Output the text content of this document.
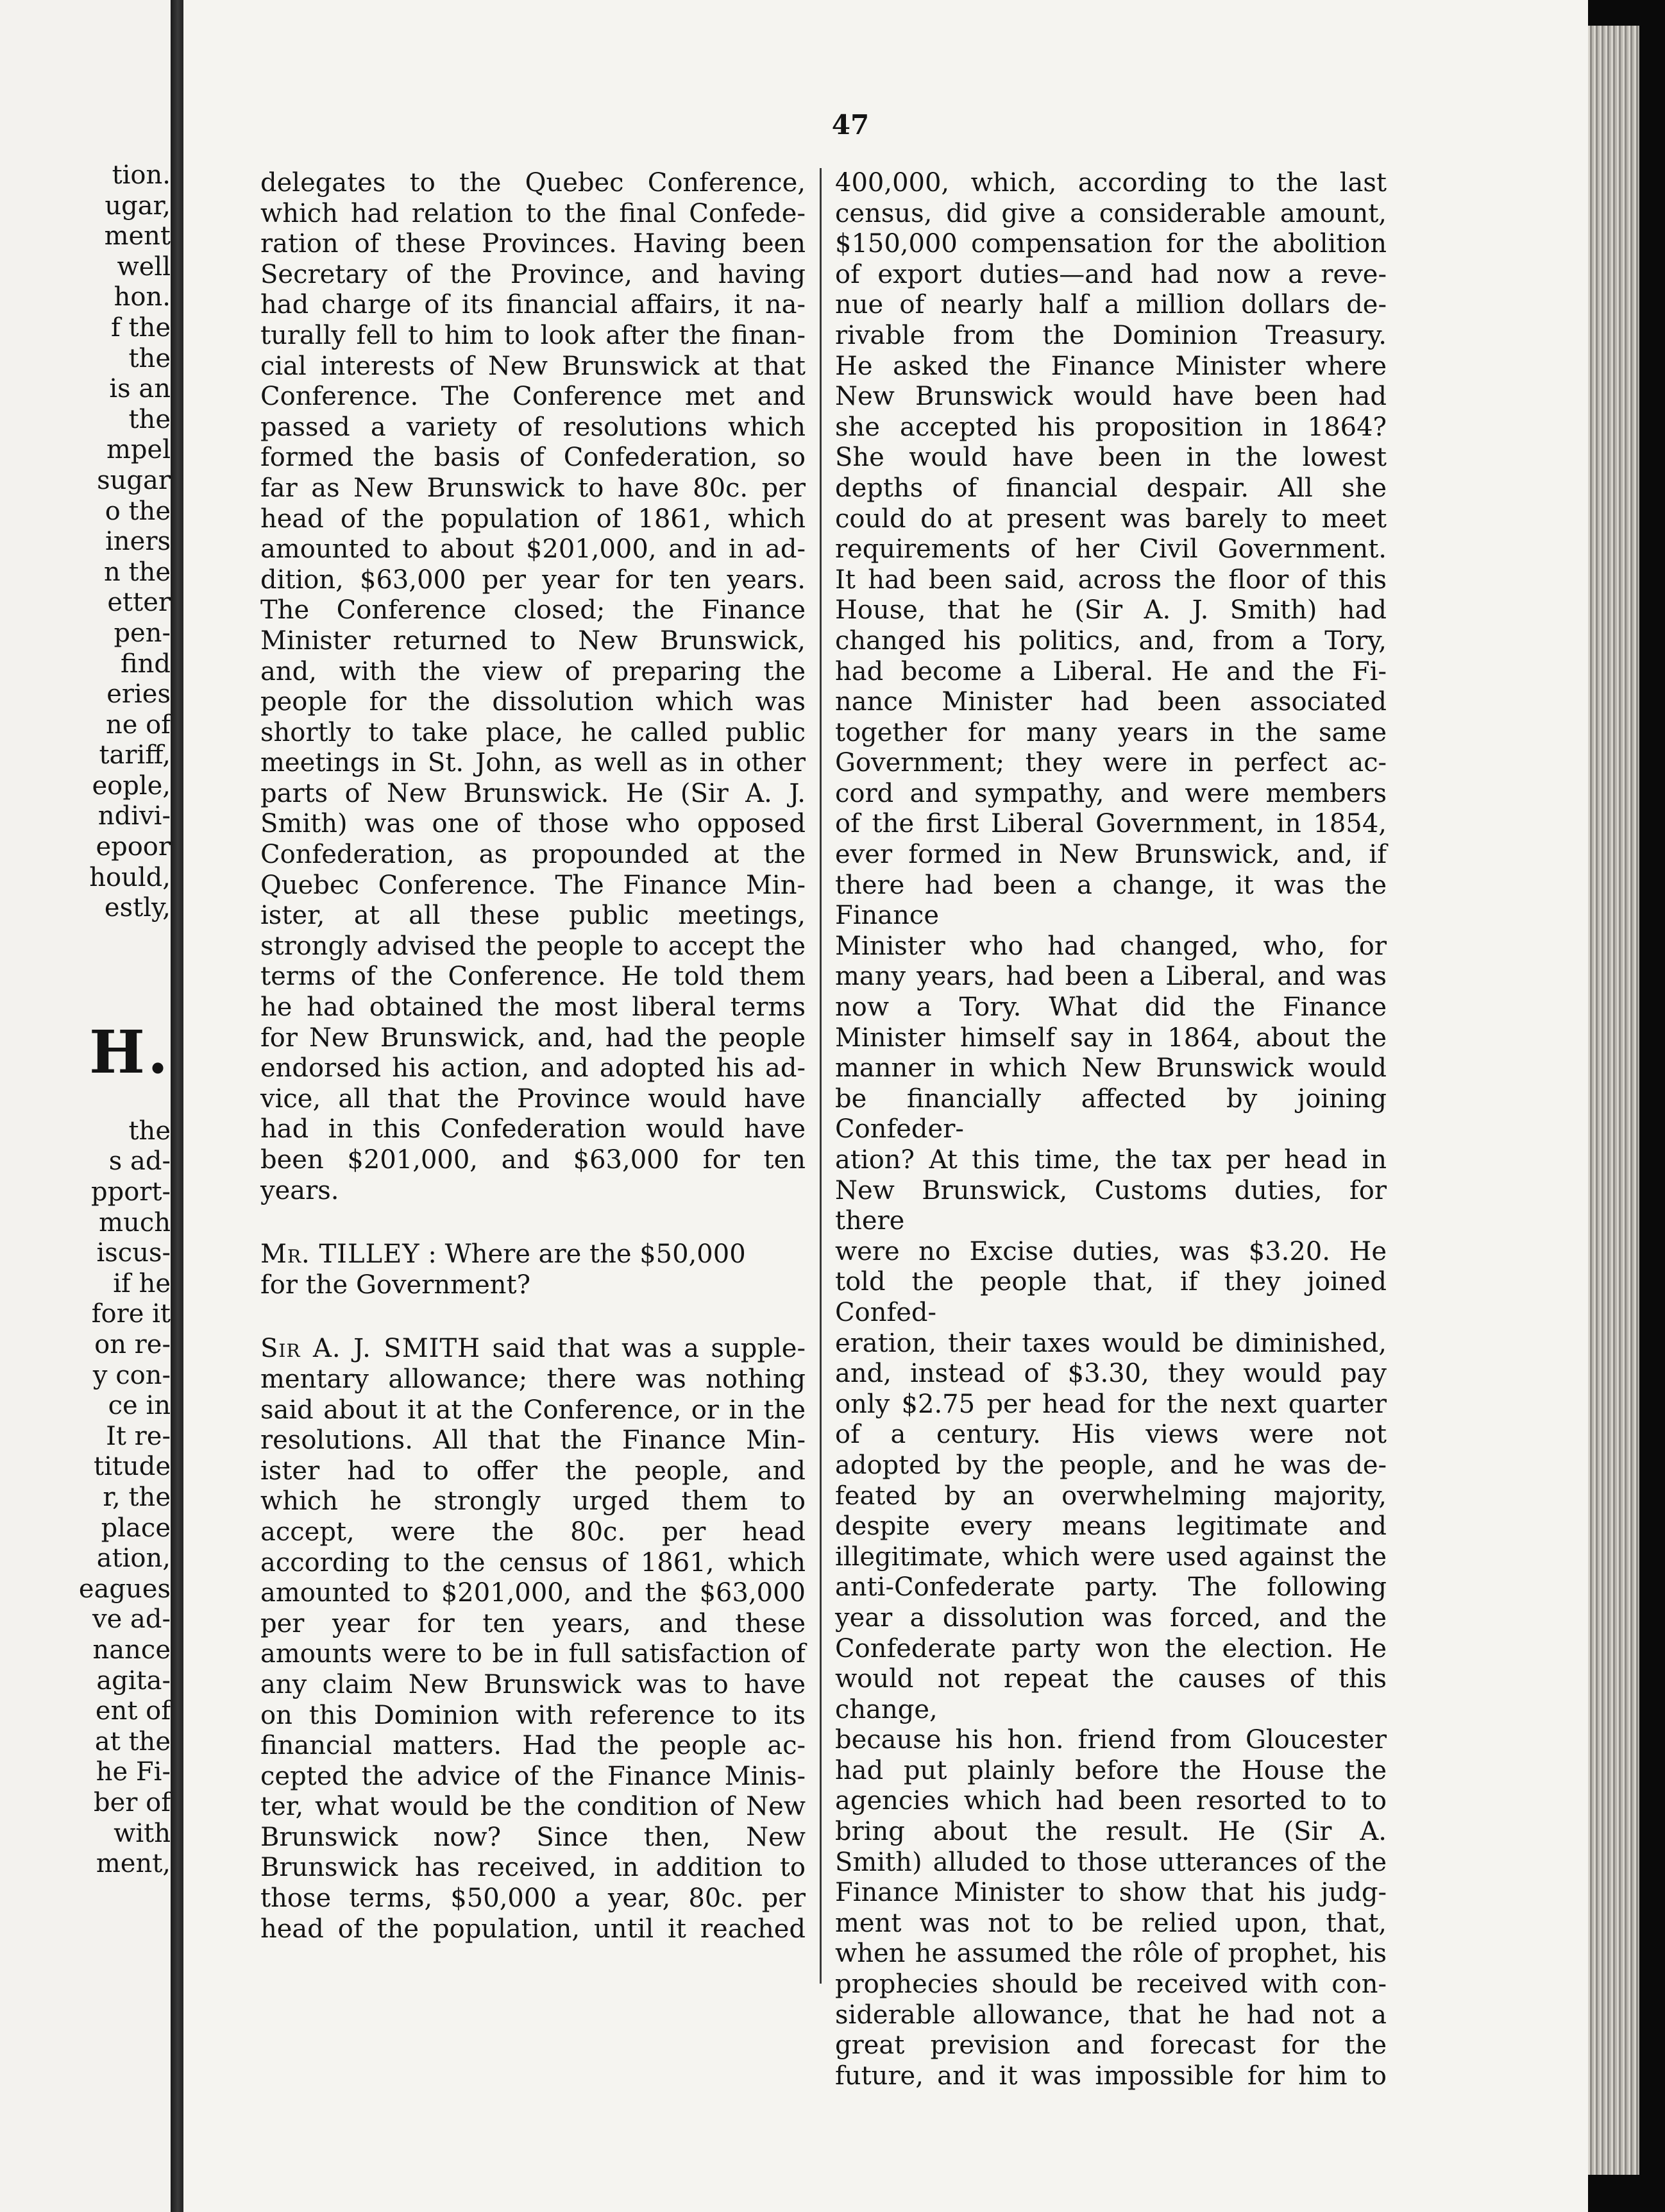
tion.
ugar,
ment
well
hon.
f the
the
is an
the
mpel
sugar
o the
iners
n the
etter
pen-
find
eries
ne of
tariff,
eople,
ndivi-
epoor
hould,
estly,
H.
the
s ad-
pport-
much
iscus-
if he
fore it
on re-
y con-
ce in
It re-
titude
r, the
place
ation,
eagues
ve ad-
nance
agita-
ent of
at the
he Fi-
ber of
with
ment,
47

delegates to the Quebec Conference,

which had relation to the final Confede-

ration of these Provinces. Having been

Secretary of the Province, and having

had charge of its financial affairs, it na-

turally fell to him to look after the finan-

cial interests of New Brunswick at that

Conference. The Conference met and

passed a variety of resolutions which

formed the basis of Confederation, so

far as New Brunswick to have 80c. per

head of the population of 1861, which

amounted to about $201,000, and in ad-

dition, $63,000 per year for ten years.

The Conference closed; the Finance

Minister returned to New Brunswick,

and, with the view of preparing the

people for the dissolution which was

shortly to take place, he called public

meetings in St. John, as well as in other

parts of New Brunswick. He (Sir A. J.

Smith) was one of those who opposed

Confederation, as propounded at the

Quebec Conference. The Finance Min-

ister, at all these public meetings,

strongly advised the people to accept the

terms of the Conference. He told them

he had obtained the most liberal terms

for New Brunswick, and, had the people

endorsed his action, and adopted his ad-

vice, all that the Province would have

had in this Confederation would have

been $201,000, and $63,000 for ten

years.

Mr. TILLEY : Where are the $50,000

for the Government?

Sir A. J. SMITH said that was a supple-

mentary allowance; there was nothing

said about it at the Conference, or in the

resolutions. All that the Finance Min-

ister had to offer the people, and

which he strongly urged them to

accept, were the 80c. per head

according to the census of 1861, which

amounted to $201,000, and the $63,000

per year for ten years, and these

amounts were to be in full satisfaction of

any claim New Brunswick was to have

on this Dominion with reference to its

financial matters. Had the people ac-

cepted the advice of the Finance Minis-

ter, what would be the condition of New

Brunswick now? Since then, New

Brunswick has received, in addition to

those terms, $50,000 a year, 80c. per

head of the population, until it reached

400,000, which, according to the last

census, did give a considerable amount,

$150,000 compensation for the abolition

of export duties—and had now a reve-

nue of nearly half a million dollars de-

rivable from the Dominion Treasury.

He asked the Finance Minister where

New Brunswick would have been had

she accepted his proposition in 1864?

She would have been in the lowest

depths of financial despair. All she

could do at present was barely to meet

requirements of her Civil Government.

It had been said, across the floor of this

House, that he (Sir A. J. Smith) had

changed his politics, and, from a Tory,

had become a Liberal. He and the Fi-

nance Minister had been associated

together for many years in the same

Government; they were in perfect ac-

cord and sympathy, and were members

of the first Liberal Government, in 1854,

ever formed in New Brunswick, and, if

there had been a change, it was the Finance

Minister who had changed, who, for

many years, had been a Liberal, and was

now a Tory. What did the Finance

Minister himself say in 1864, about the

manner in which New Brunswick would

be financially affected by joining Confeder-

ation? At this time, the tax per head in

New Brunswick, Customs duties, for there

were no Excise duties, was $3.20. He

told the people that, if they joined Confed-

eration, their taxes would be diminished,

and, instead of $3.30, they would pay

only $2.75 per head for the next quarter

of a century. His views were not

adopted by the people, and he was de-

feated by an overwhelming majority,

despite every means legitimate and

illegitimate, which were used against the

anti-Confederate party. The following

year a dissolution was forced, and the

Confederate party won the election. He

would not repeat the causes of this change,

because his hon. friend from Gloucester

had put plainly before the House the

agencies which had been resorted to to

bring about the result. He (Sir A.

Smith) alluded to those utterances of the

Finance Minister to show that his judg-

ment was not to be relied upon, that,

when he assumed the rôle of prophet, his

prophecies should be received with con-

siderable allowance, that he had not a

great prevision and forecast for the

future, and it was impossible for him to
